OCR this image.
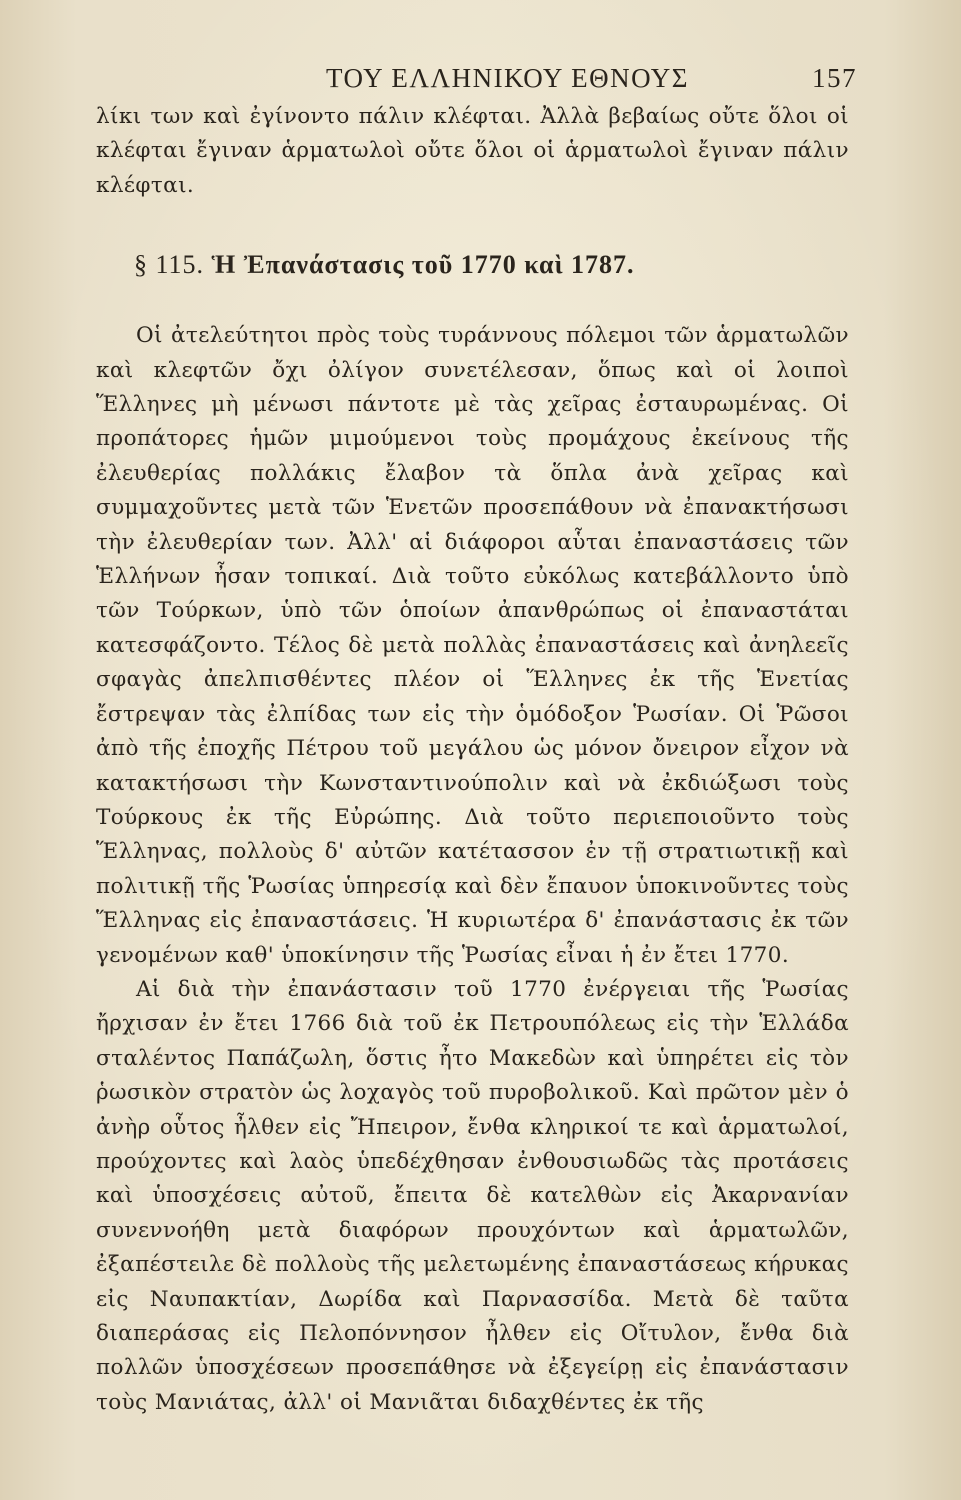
ΤΟΥ ΕΛΛΗΝΙΚΟΥ ΕΘΝΟΥΣ	157

λίκι των καὶ ἐγίνοντο πάλιν κλέφται. Ἀλλὰ βεβαίως οὔτε ὅλοι οἱ κλέφται ἔγιναν ἁρματωλοὶ οὔτε ὅλοι οἱ ἁρματωλοὶ ἔγιναν πάλιν κλέφται.

§ 115. Ἡ Ἐπανάστασις τοῦ 1770 καὶ 1787.

Οἱ ἀτελεύτητοι πρὸς τοὺς τυράννους πόλεμοι τῶν ἁρματωλῶν καὶ κλεφτῶν ὄχι ὀλίγον συνετέλεσαν, ὅπως καὶ οἱ λοιποὶ Ἕλληνες μὴ μένωσι πάντοτε μὲ τὰς χεῖρας ἐσταυρωμένας. Οἱ προπάτορες ἡμῶν μιμούμενοι τοὺς προμάχους ἐκείνους τῆς ἐλευθερίας πολλάκις ἔλαβον τὰ ὅπλα ἀνὰ χεῖρας καὶ συμμαχοῦντες μετὰ τῶν Ἑνετῶν προσεπάθουν νὰ ἐπανακτήσωσι τὴν ἐλευθερίαν των. Ἀλλ' αἱ διάφοροι αὗται ἐπαναστάσεις τῶν Ἑλλήνων ἦσαν τοπικαί. Διὰ τοῦτο εὐκόλως κατεβάλλοντο ὑπὸ τῶν Τούρκων, ὑπὸ τῶν ὁποίων ἀπανθρώπως οἱ ἐπαναστάται κατεσφάζοντο. Τέλος δὲ μετὰ πολλὰς ἐπαναστάσεις καὶ ἀνηλεεῖς σφαγὰς ἀπελπισθέντες πλέον οἱ Ἕλληνες ἐκ τῆς Ἑνετίας ἔστρεψαν τὰς ἐλπίδας των εἰς τὴν ὁμόδοξον Ῥωσίαν. Οἱ Ῥῶσοι ἀπὸ τῆς ἐποχῆς Πέτρου τοῦ μεγάλου ὡς μόνον ὄνειρον εἶχον νὰ κατακτήσωσι τὴν Κωνσταντινούπολιν καὶ νὰ ἐκδιώξωσι τοὺς Τούρκους ἐκ τῆς Εὐρώπης. Διὰ τοῦτο περιεποιοῦντο τοὺς Ἕλληνας, πολλοὺς δ' αὐτῶν κατέτασσον ἐν τῇ στρατιωτικῇ καὶ πολιτικῇ τῆς Ῥωσίας ὑπηρεσίᾳ καὶ δὲν ἔπαυον ὑποκινοῦντες τοὺς Ἕλληνας εἰς ἐπαναστάσεις. Ἡ κυριωτέρα δ' ἐπανάστασις ἐκ τῶν γενομένων καθ' ὑποκίνησιν τῆς Ῥωσίας εἶναι ἡ ἐν ἔτει 1770.

Αἱ διὰ τὴν ἐπανάστασιν τοῦ 1770 ἐνέργειαι τῆς Ῥωσίας ἤρχισαν ἐν ἔτει 1766 διὰ τοῦ ἐκ Πετρουπόλεως εἰς τὴν Ἑλλάδα σταλέντος Παπάζωλη, ὅστις ἦτο Μακεδὼν καὶ ὑπηρέτει εἰς τὸν ῥωσικὸν στρατὸν ὡς λοχαγὸς τοῦ πυροβολικοῦ. Καὶ πρῶτον μὲν ὁ ἀνὴρ οὗτος ἦλθεν εἰς Ἤπειρον, ἔνθα κληρικοί τε καὶ ἁρματωλοί, προύχοντες καὶ λαὸς ὑπεδέχθησαν ἐνθουσιωδῶς τὰς προτάσεις καὶ ὑποσχέσεις αὐτοῦ, ἔπειτα δὲ κατελθὼν εἰς Ἀκαρνανίαν συνεννοήθη μετὰ διαφόρων προυχόντων καὶ ἁρματωλῶν, ἐξαπέστειλε δὲ πολλοὺς τῆς μελετωμένης ἐπαναστάσεως κήρυκας εἰς Ναυπακτίαν, Δωρίδα καὶ Παρνασσίδα. Μετὰ δὲ ταῦτα διαπεράσας εἰς Πελοπόννησον ἦλθεν εἰς Οἴτυλον, ἔνθα διὰ πολλῶν ὑποσχέσεων προσεπάθησε νὰ ἐξεγείρῃ εἰς ἐπανάστασιν τοὺς Μανιάτας, ἀλλ' οἱ Μανιᾶται διδαχθέντες ἐκ τῆς
